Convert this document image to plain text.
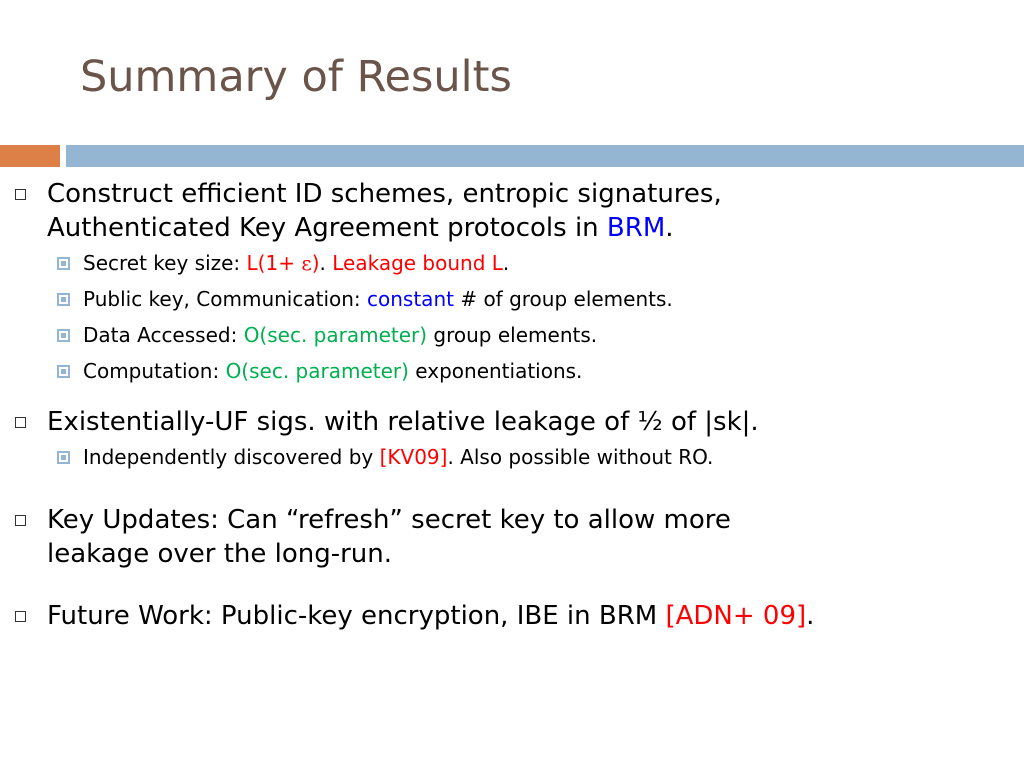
Summary of Results
Construct efficient ID schemes, entropic signatures,
Authenticated Key Agreement protocols in BRM.
Secret key size: L(1+ ε). Leakage bound L.
Public key, Communication: constant # of group elements.
Data Accessed: O(sec. parameter) group elements.
Computation: O(sec. parameter) exponentiations.
Existentially-UF sigs. with relative leakage of ½ of |sk|.
Independently discovered by [KV09]. Also possible without RO.
Key Updates: Can “refresh” secret key to allow more
leakage over the long-run.
Future Work: Public-key encryption, IBE in BRM [ADN+ 09].
